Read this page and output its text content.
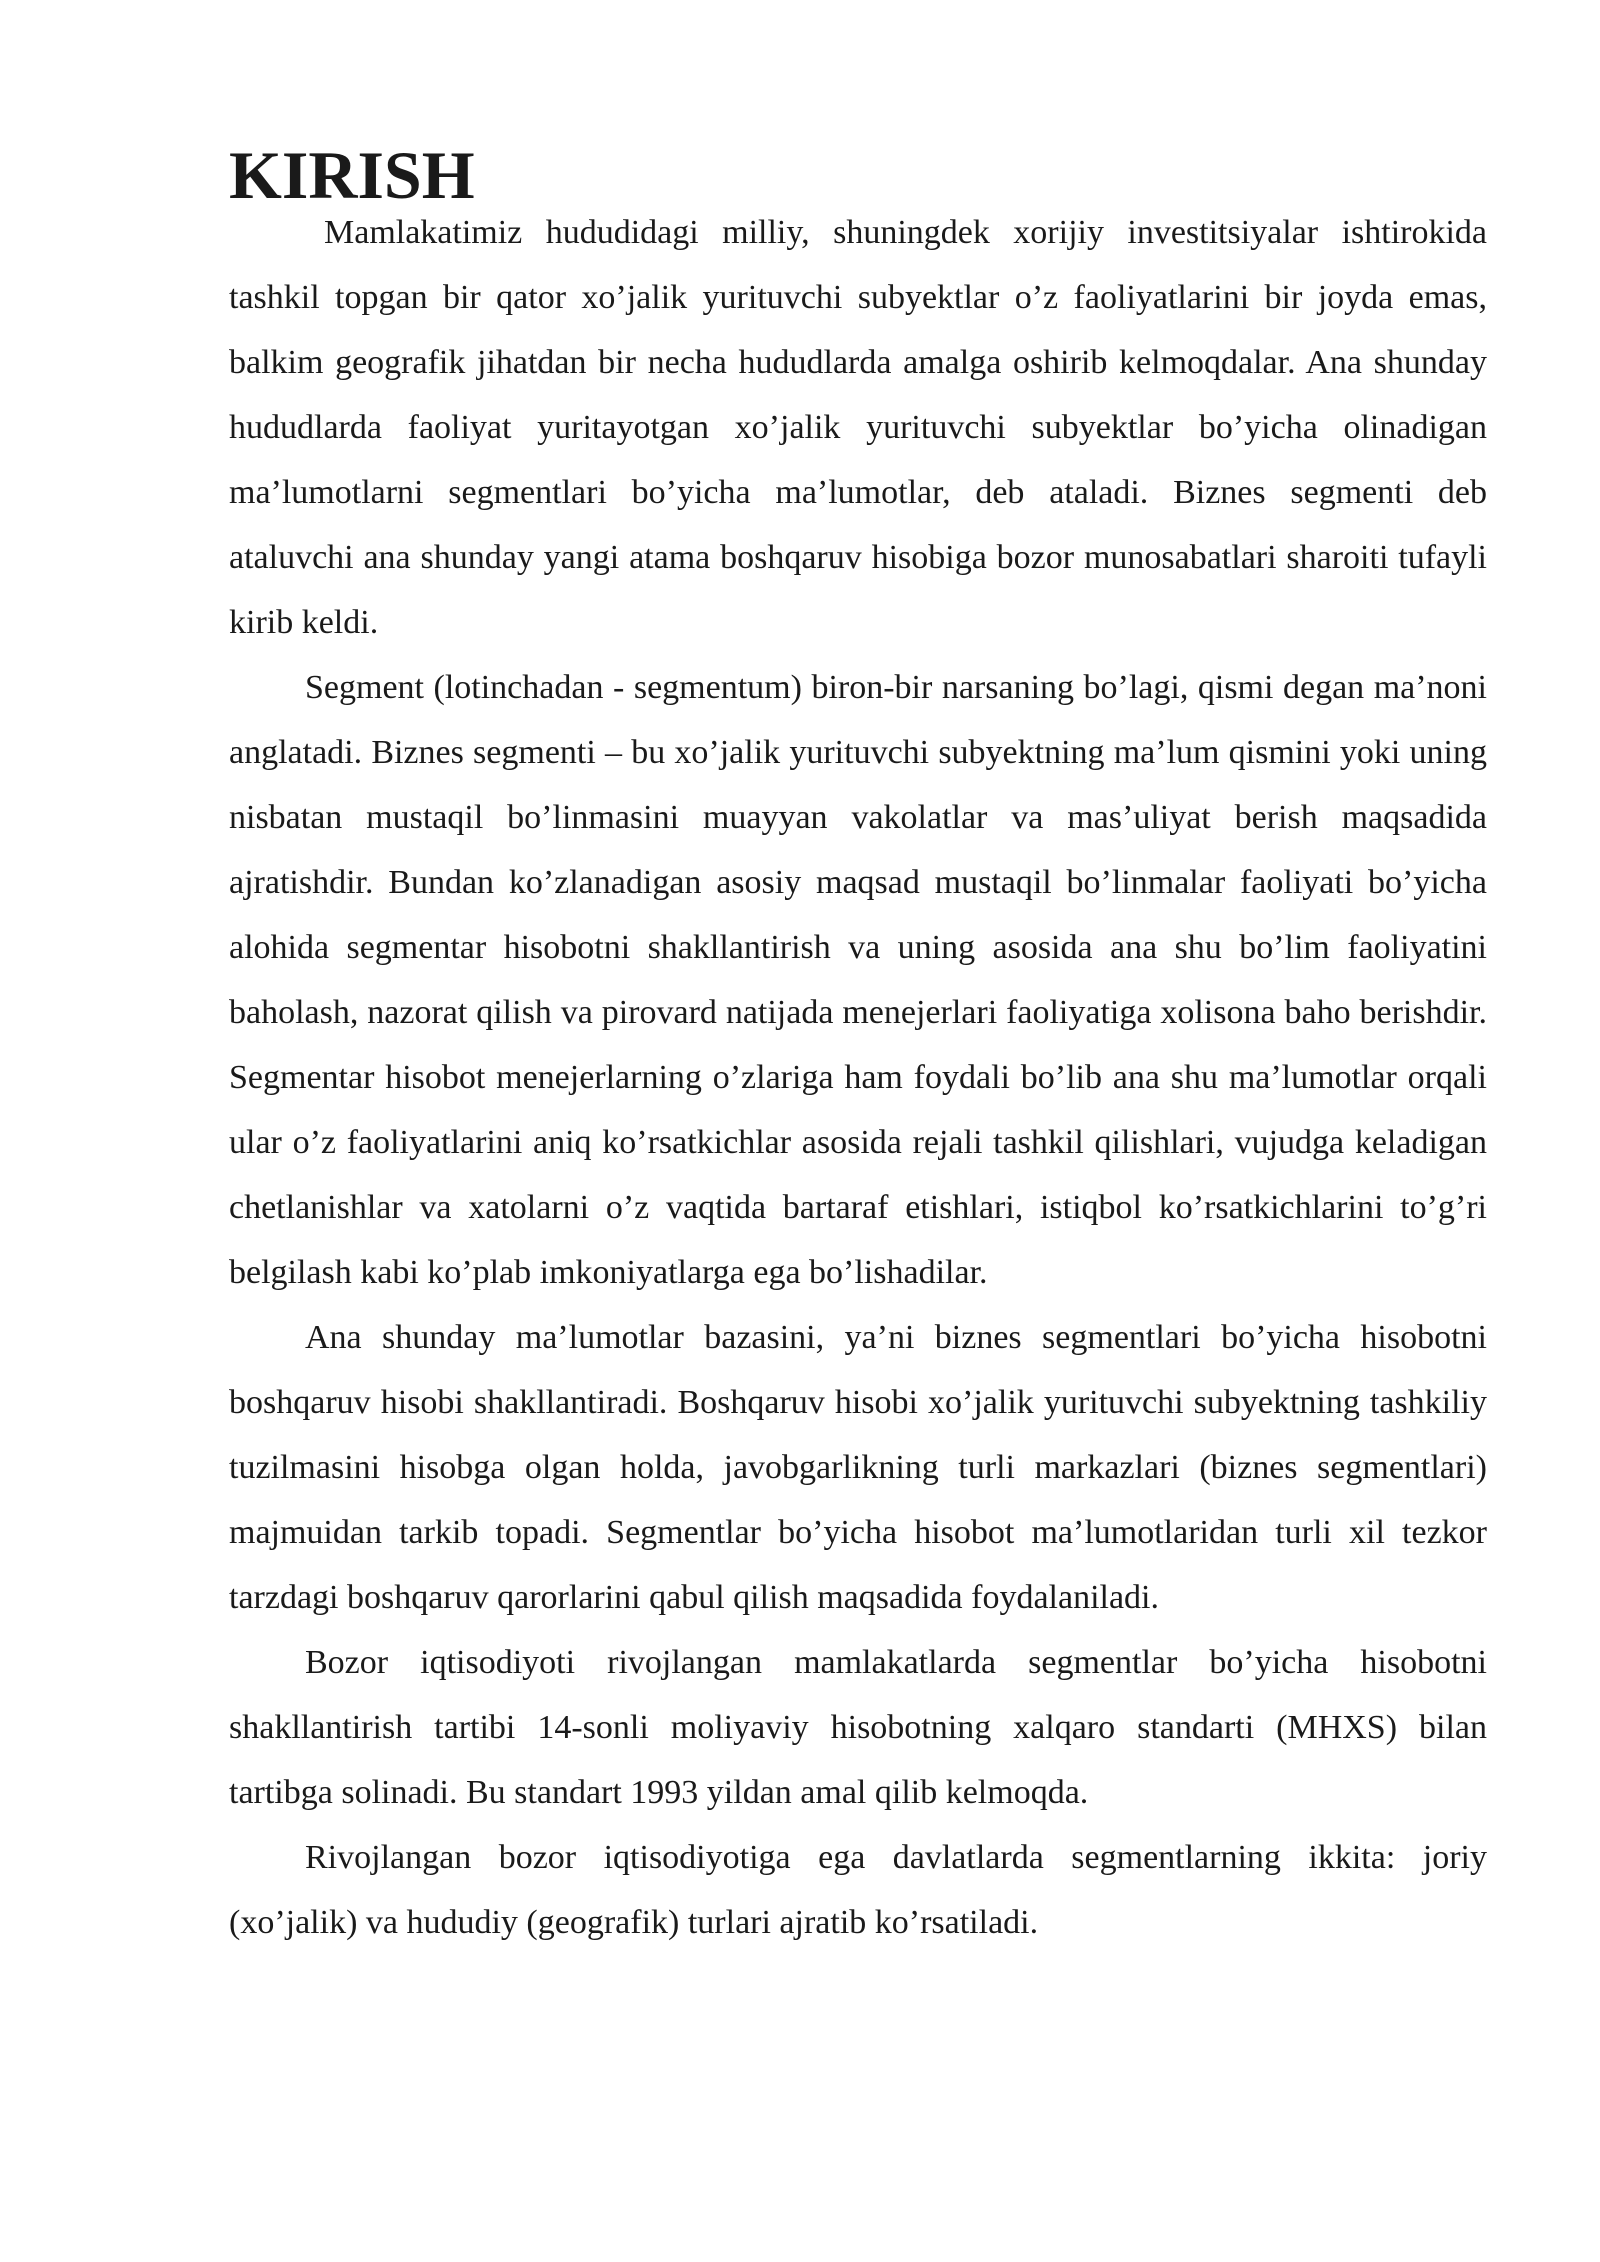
KIRISH

Mamlakatimiz hududidagi milliy, shuningdek xorijiy investitsiyalar ishtirokida tashkil topgan bir qator xo’jalik yurituvchi subyektlar o’z faoliyatlarini bir joyda emas, balkim geografik jihatdan bir necha hududlarda amalga oshirib kelmoqdalar. Ana shunday hududlarda faoliyat yuritayotgan xo’jalik yurituvchi subyektlar bo’yicha olinadigan ma’lumotlarni segmentlari bo’yicha ma’lumotlar, deb ataladi. Biznes segmenti deb ataluvchi ana shunday yangi atama boshqaruv hisobiga bozor munosabatlari sharoiti tufayli kirib keldi.

Segment (lotinchadan - segmentum) biron-bir narsaning bo’lagi, qismi degan ma’noni anglatadi. Biznes segmenti – bu xo’jalik yurituvchi subyektning ma’lum qismini yoki uning nisbatan mustaqil bo’linmasini muayyan vakolatlar va mas’uliyat berish maqsadida ajratishdir. Bundan ko’zlanadigan asosiy maqsad mustaqil bo’linmalar faoliyati bo’yicha alohida segmentar hisobotni shakllantirish va uning asosida ana shu bo’lim faoliyatini baholash, nazorat qilish va pirovard natijada menejerlari faoliyatiga xolisona baho berishdir. Segmentar hisobot menejerlarning o’zlariga ham foydali bo’lib ana shu ma’lumotlar orqali ular o’z faoliyatlarini aniq ko’rsatkichlar asosida rejali tashkil qilishlari, vujudga keladigan chetlanishlar va xatolarni o’z vaqtida bartaraf etishlari, istiqbol ko’rsatkichlarini to’g’ri belgilash kabi ko’plab imkoniyatlarga ega bo’lishadilar.

Ana shunday ma’lumotlar bazasini, ya’ni biznes segmentlari bo’yicha hisobotni boshqaruv hisobi shakllantiradi. Boshqaruv hisobi xo’jalik yurituvchi subyektning tashkiliy tuzilmasini hisobga olgan holda, javobgarlikning turli markazlari (biznes segmentlari) majmuidan tarkib topadi. Segmentlar bo’yicha hisobot ma’lumotlaridan turli xil tezkor tarzdagi boshqaruv qarorlarini qabul qilish maqsadida foydalaniladi.

Bozor iqtisodiyoti rivojlangan mamlakatlarda segmentlar bo’yicha hisobotni shakllantirish tartibi 14-sonli moliyaviy hisobotning xalqaro standarti (MHXS) bilan tartibga solinadi. Bu standart 1993 yildan amal qilib kelmoqda.

Rivojlangan bozor iqtisodiyotiga ega davlatlarda segmentlarning ikkita: joriy (xo’jalik) va hududiy (geografik) turlari ajratib ko’rsatiladi.
